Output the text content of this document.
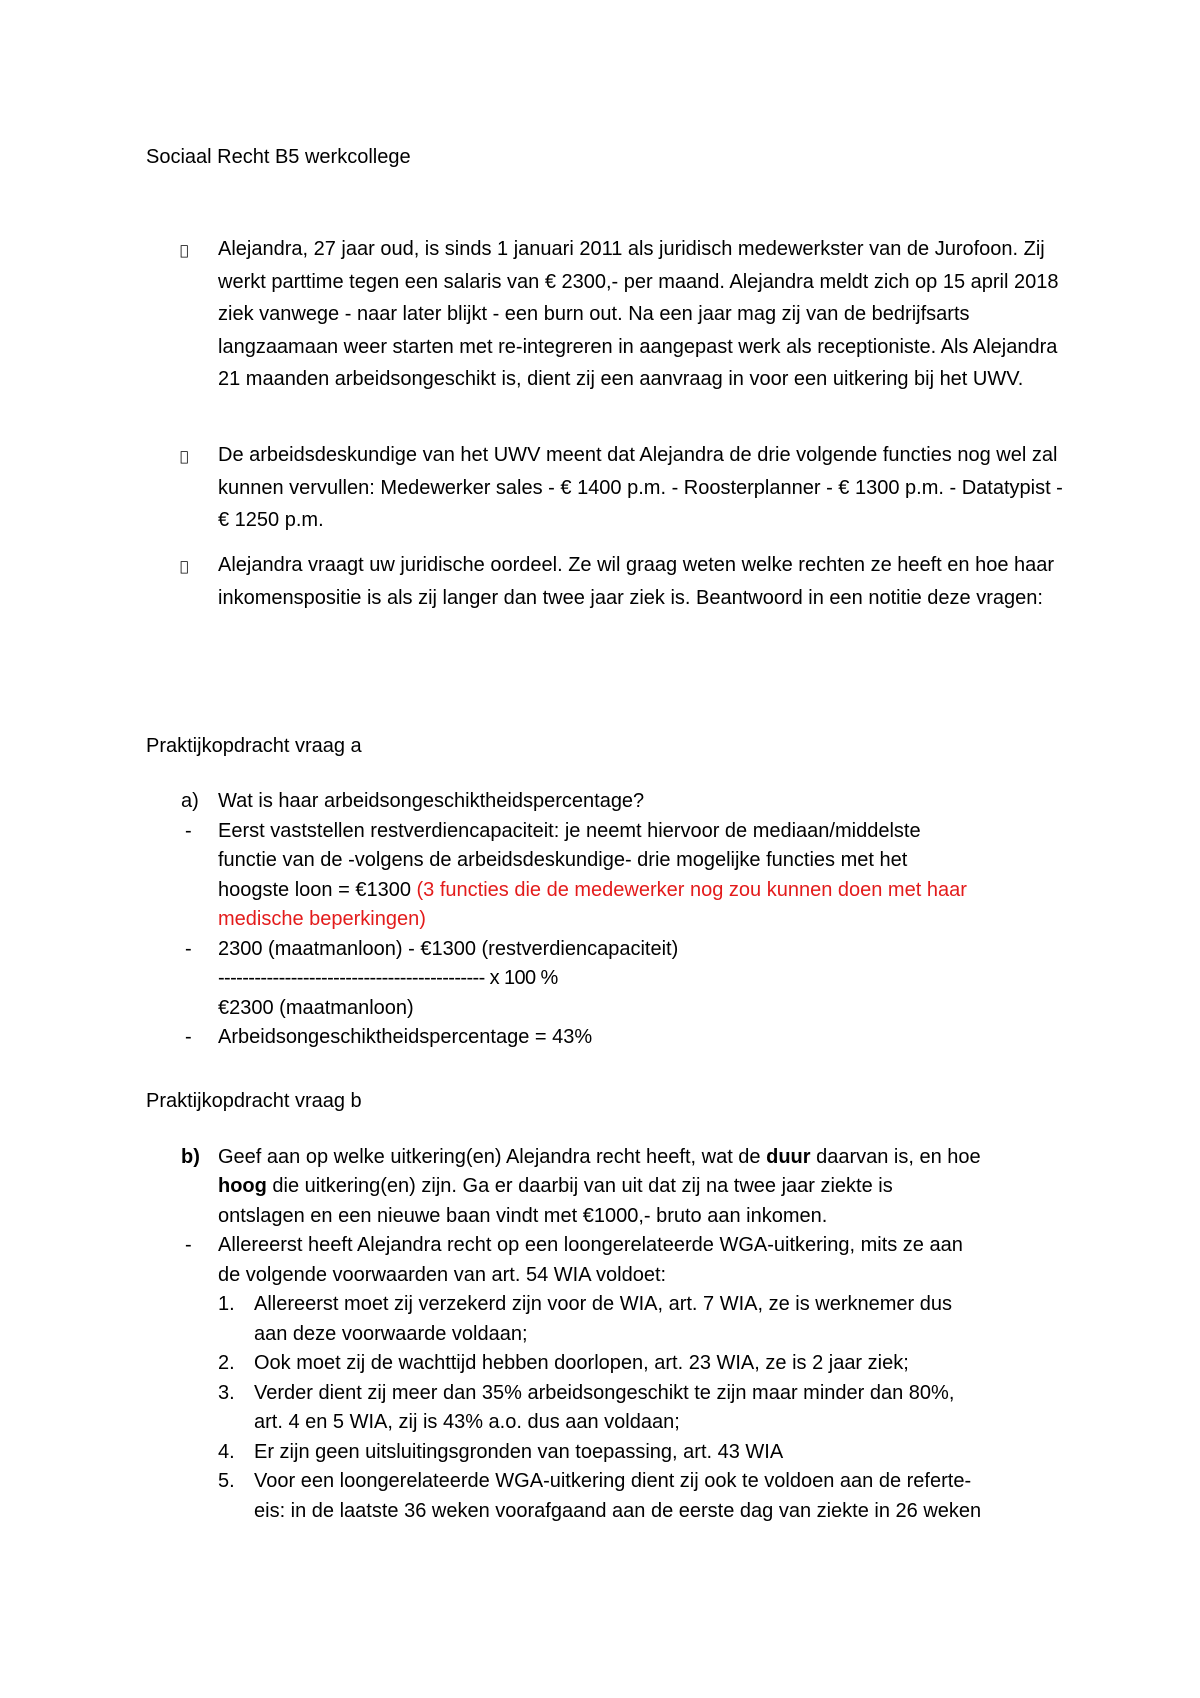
Sociaal Recht B5 werkcollege
Alejandra, 27 jaar oud, is sinds 1 januari 2011 als juridisch medewerkster van de Jurofoon. Zij werkt parttime tegen een salaris van € 2300,- per maand. Alejandra meldt zich op 15 april 2018 ziek vanwege - naar later blijkt - een burn out. Na een jaar mag zij van de bedrijfsarts langzaamaan weer starten met re-integreren in aangepast werk als receptioniste. Als Alejandra 21 maanden arbeidsongeschikt is, dient zij een aanvraag in voor een uitkering bij het UWV.
De arbeidsdeskundige van het UWV meent dat Alejandra de drie volgende functies nog wel zal kunnen vervullen: Medewerker sales - € 1400 p.m. - Roosterplanner - € 1300 p.m. - Datatypist - € 1250 p.m.
Alejandra vraagt uw juridische oordeel. Ze wil graag weten welke rechten ze heeft en hoe haar inkomenspositie is als zij langer dan twee jaar ziek is. Beantwoord in een notitie deze vragen:
Praktijkopdracht vraag a
a) Wat is haar arbeidsongeschiktheidspercentage?
- Eerst vaststellen restverdiencapaciteit: je neemt hiervoor de mediaan/middelste
functie van de -volgens de arbeidsdeskundige- drie mogelijke functies met het
hoogste loon = €1300 (3 functies die de medewerker nog zou kunnen doen met haar
medische beperkingen)
- 2300 (maatmanloon) - €1300 (restverdiencapaciteit)
-------------------------------------------- x 100 %
€2300 (maatmanloon)
- Arbeidsongeschiktheidspercentage = 43%
Praktijkopdracht vraag b
b) Geef aan op welke uitkering(en) Alejandra recht heeft, wat de duur daarvan is, en hoe
hoog die uitkering(en) zijn. Ga er daarbij van uit dat zij na twee jaar ziekte is
ontslagen en een nieuwe baan vindt met €1000,- bruto aan inkomen.
- Allereerst heeft Alejandra recht op een loongerelateerde WGA-uitkering, mits ze aan
de volgende voorwaarden van art. 54 WIA voldoet:
1. Allereerst moet zij verzekerd zijn voor de WIA, art. 7 WIA, ze is werknemer dus
aan deze voorwaarde voldaan;
2. Ook moet zij de wachttijd hebben doorlopen, art. 23 WIA, ze is 2 jaar ziek;
3. Verder dient zij meer dan 35% arbeidsongeschikt te zijn maar minder dan 80%,
art. 4 en 5 WIA, zij is 43% a.o. dus aan voldaan;
4. Er zijn geen uitsluitingsgronden van toepassing, art. 43 WIA
5. Voor een loongerelateerde WGA-uitkering dient zij ook te voldoen aan de referte-
eis: in de laatste 36 weken voorafgaand aan de eerste dag van ziekte in 26 weken
